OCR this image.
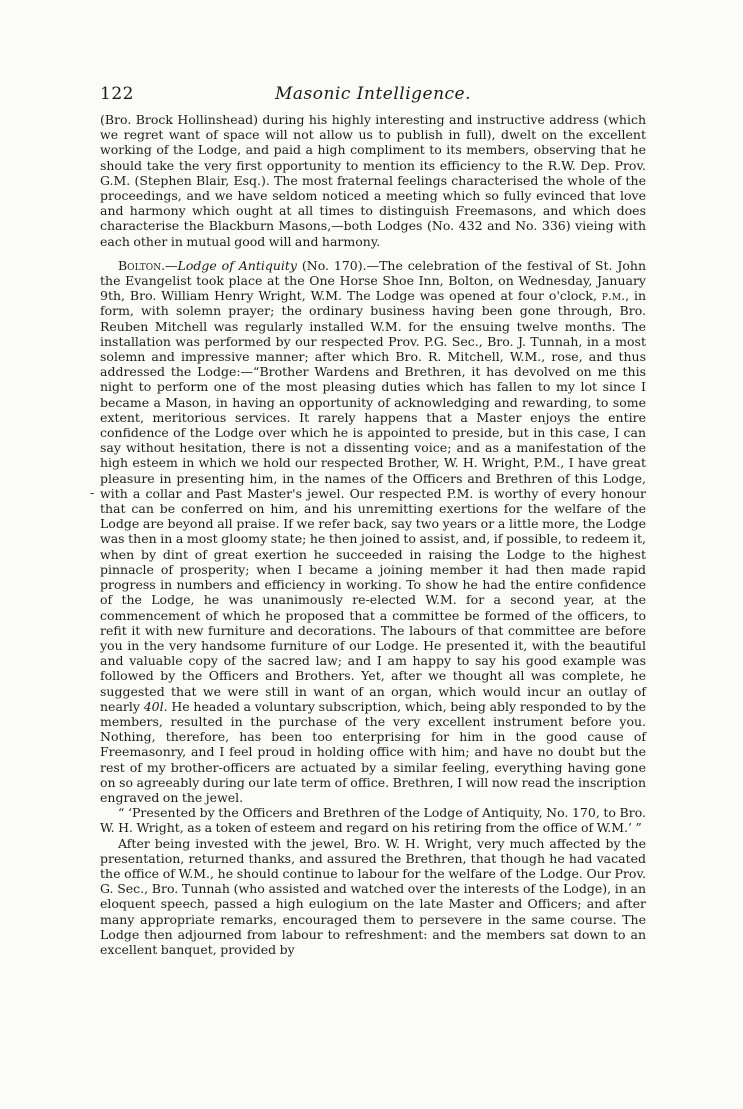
-
122	Masonic Intelligence.

(Bro. Brock Hollinshead) during his highly interesting and instructive address (which we regret want of space will not allow us to publish in full), dwelt on the excellent working of the Lodge, and paid a high compliment to its members, observing that he should take the very first opportunity to mention its efficiency to the R.W. Dep. Prov. G.M. (Stephen Blair, Esq.). The most fraternal feelings characterised the whole of the proceedings, and we have seldom noticed a meeting which so fully evinced that love and harmony which ought at all times to distinguish Freemasons, and which does characterise the Blackburn Masons,—both Lodges (No. 432 and No. 336) vieing with each other in mutual good will and harmony.

Bolton.—Lodge of Antiquity (No. 170).—The celebration of the festival of St. John the Evangelist took place at the One Horse Shoe Inn, Bolton, on Wednesday, January 9th, Bro. William Henry Wright, W.M. The Lodge was opened at four o'clock, p.m., in form, with solemn prayer; the ordinary business having been gone through, Bro. Reuben Mitchell was regularly installed W.M. for the ensuing twelve months. The installation was performed by our respected Prov. P.G. Sec., Bro. J. Tunnah, in a most solemn and impressive manner; after which Bro. R. Mitchell, W.M., rose, and thus addressed the Lodge:—“Brother Wardens and Brethren, it has devolved on me this night to perform one of the most pleasing duties which has fallen to my lot since I became a Mason, in having an opportunity of acknowledging and rewarding, to some extent, meritorious services. It rarely happens that a Master enjoys the entire confidence of the Lodge over which he is appointed to preside, but in this case, I can say without hesitation, there is not a dissenting voice; and as a manifestation of the high esteem in which we hold our respected Brother, W. H. Wright, P.M., I have great pleasure in presenting him, in the names of the Officers and Brethren of this Lodge, with a collar and Past Master's jewel. Our respected P.M. is worthy of every honour that can be conferred on him, and his unremitting exertions for the welfare of the Lodge are beyond all praise. If we refer back, say two years or a little more, the Lodge was then in a most gloomy state; he then joined to assist, and, if possible, to redeem it, when by dint of great exertion he succeeded in raising the Lodge to the highest pinnacle of prosperity; when I became a joining member it had then made rapid progress in numbers and efficiency in working. To show he had the entire confidence of the Lodge, he was unanimously re-elected W.M. for a second year, at the commencement of which he proposed that a committee be formed of the officers, to refit it with new furniture and decorations. The labours of that committee are before you in the very handsome furniture of our Lodge. He presented it, with the beautiful and valuable copy of the sacred law; and I am happy to say his good example was followed by the Officers and Brothers. Yet, after we thought all was complete, he suggested that we were still in want of an organ, which would incur an outlay of nearly 40l. He headed a voluntary subscription, which, being ably responded to by the members, resulted in the purchase of the very excellent instrument before you. Nothing, therefore, has been too enterprising for him in the good cause of Freemasonry, and I feel proud in holding office with him; and have no doubt but the rest of my brother-officers are actuated by a similar feeling, everything having gone on so agreeably during our late term of office. Brethren, I will now read the inscription engraved on the jewel.

“ ‘Presented by the Officers and Brethren of the Lodge of Antiquity, No. 170, to Bro. W. H. Wright, as a token of esteem and regard on his retiring from the office of W.M.’ ”

After being invested with the jewel, Bro. W. H. Wright, very much affected by the presentation, returned thanks, and assured the Brethren, that though he had vacated the office of W.M., he should continue to labour for the welfare of the Lodge. Our Prov. G. Sec., Bro. Tunnah (who assisted and watched over the interests of the Lodge), in an eloquent speech, passed a high eulogium on the late Master and Officers; and after many appropriate remarks, encouraged them to persevere in the same course. The Lodge then adjourned from labour to refreshment: and the members sat down to an excellent banquet, provided by
